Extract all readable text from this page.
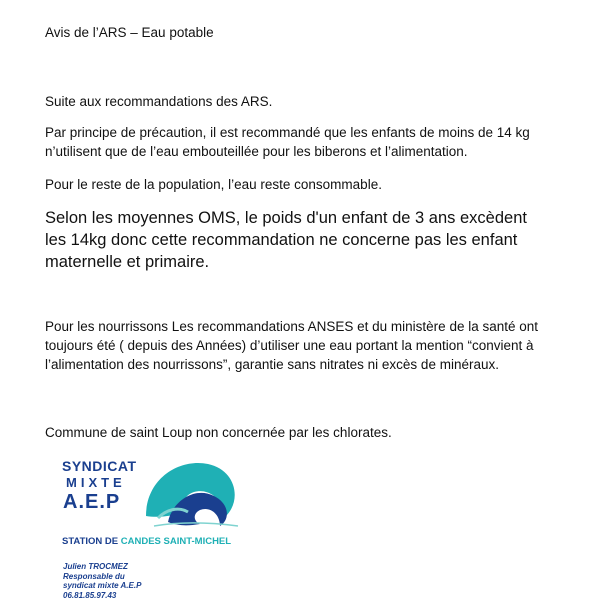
Avis de l’ARS – Eau potable

Suite aux recommandations des ARS.

Par principe de précaution, il est recommandé que les enfants de moins de 14 kg

n’utilisent que de l’eau embouteillée pour les biberons et l’alimentation.

Pour le reste de la population, l’eau reste consommable.

Selon les moyennes OMS, le poids d'un enfant de 3 ans excèdent

les 14kg donc cette recommandation ne concerne pas les enfant

maternelle et primaire.

Pour les nourrissons Les recommandations ANSES et du ministère de la santé ont

toujours été ( depuis des Années) d’utiliser une eau portant la mention “convient à

l’alimentation des nourrissons”, garantie sans nitrates ni excès de minéraux.

Commune de saint Loup non concernée par les chlorates.

SYNDICAT
MIXTE
A.E.P
STATION DE CANDES SAINT-MICHEL
Julien TROCMEZ
Responsable du
syndicat mixte A.E.P
06.81.85.97.43
